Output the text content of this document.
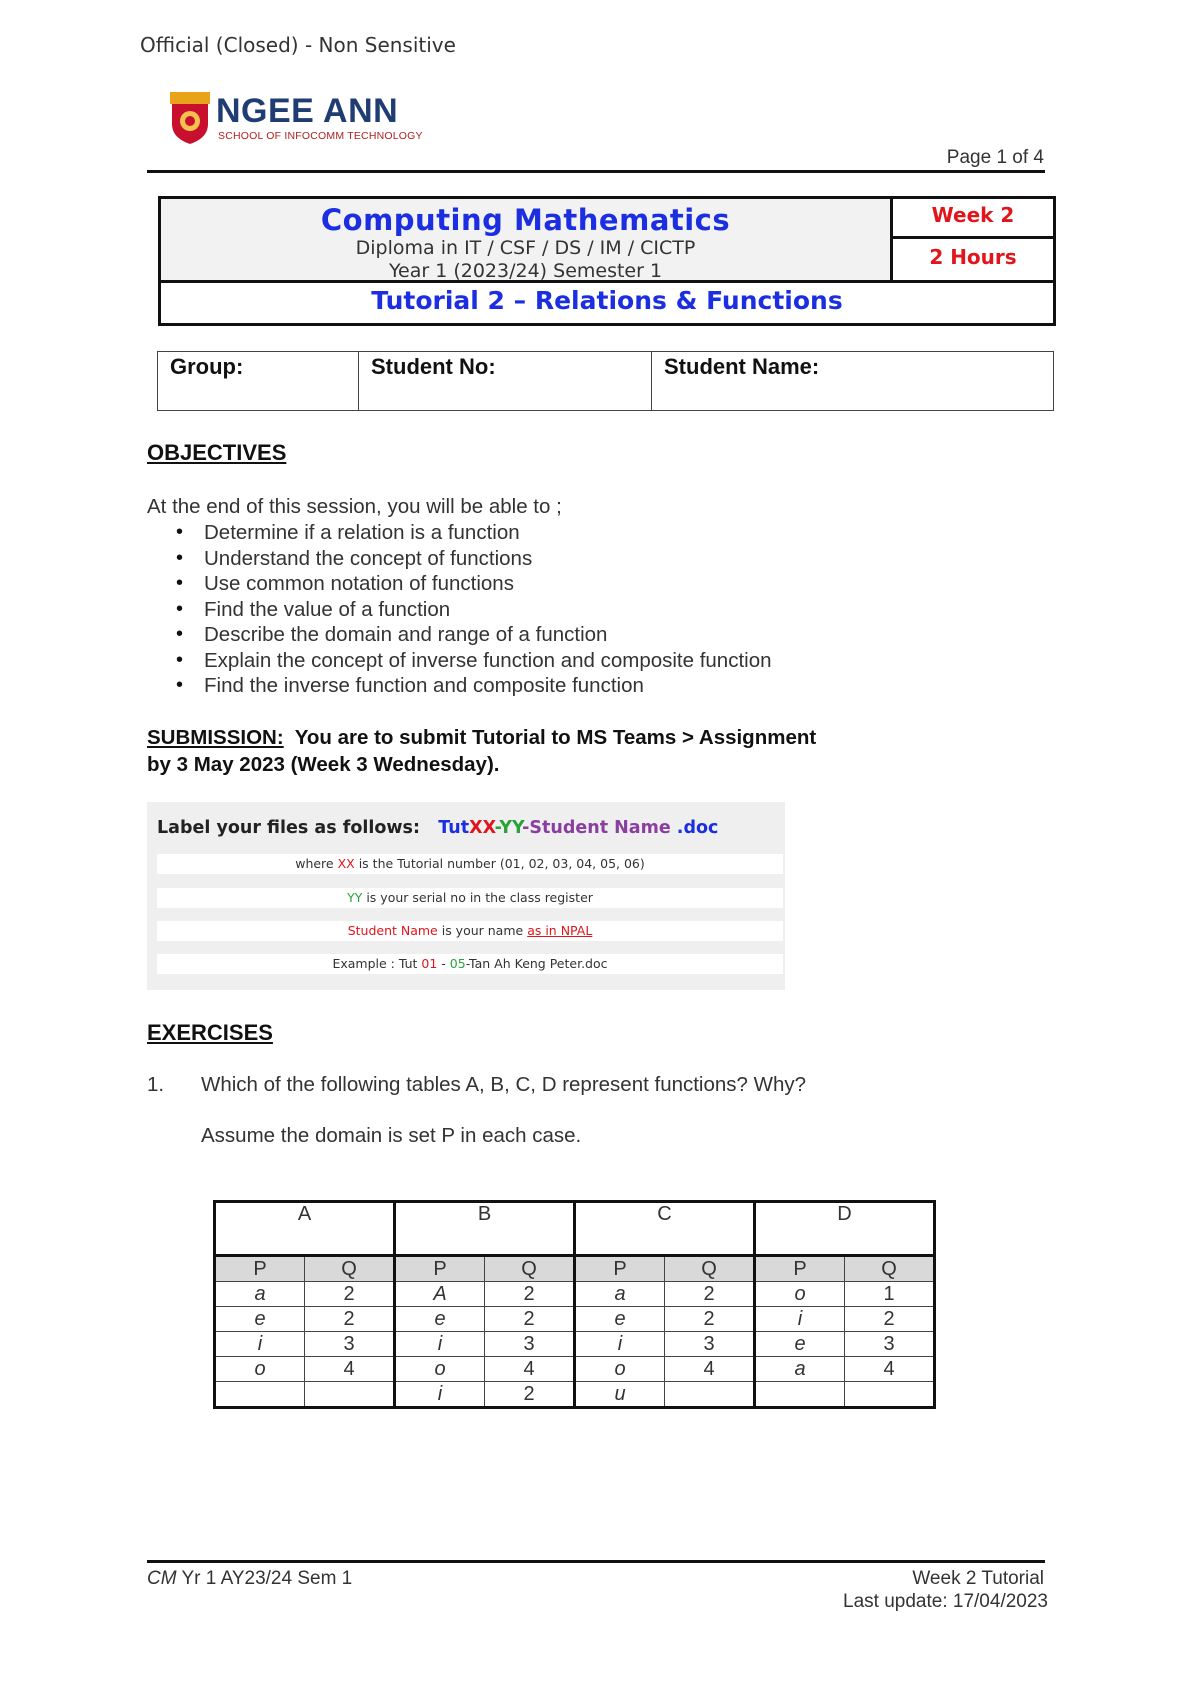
Official (Closed) - Non Sensitive
NGEE ANN
SCHOOL OF INFOCOMM TECHNOLOGY
Page 1 of 4
Computing Mathematics
Diploma in IT / CSF / DS / IM / CICTP
Year 1 (2023/24) Semester 1
Week 2
2 Hours
Tutorial 2 – Relations & Functions
Group:	Student No:	Student Name:
OBJECTIVES
At the end of this session, you will be able to ;
• Determine if a relation is a function
• Understand the concept of functions
• Use common notation of functions
• Find the value of a function
• Describe the domain and range of a function
• Explain the concept of inverse function and composite function
• Find the inverse function and composite function
SUBMISSION: You are to submit Tutorial to MS Teams > Assignment
by 3 May 2023 (Week 3 Wednesday).
Label your files as follows: TutXX-YY-Student Name .doc
where XX is the Tutorial number (01, 02, 03, 04, 05, 06)
YY is your serial no in the class register
Student Name is your name as in NPAL
Example : Tut 01 - 05-Tan Ah Keng Peter.doc
EXERCISES
1. Which of the following tables A, B, C, D represent functions? Why?
Assume the domain is set P in each case.
A		B		C		D	
P	Q	P	Q	P	Q	P	Q
a	2	A	2	a	2	o	1
e	2	e	2	e	2	i	2
i	3	i	3	i	3	e	3
o	4	o	4	o	4	a	4
		i	2	u			
CM Yr 1 AY23/24 Sem 1	Week 2 Tutorial
Last update: 17/04/2023
